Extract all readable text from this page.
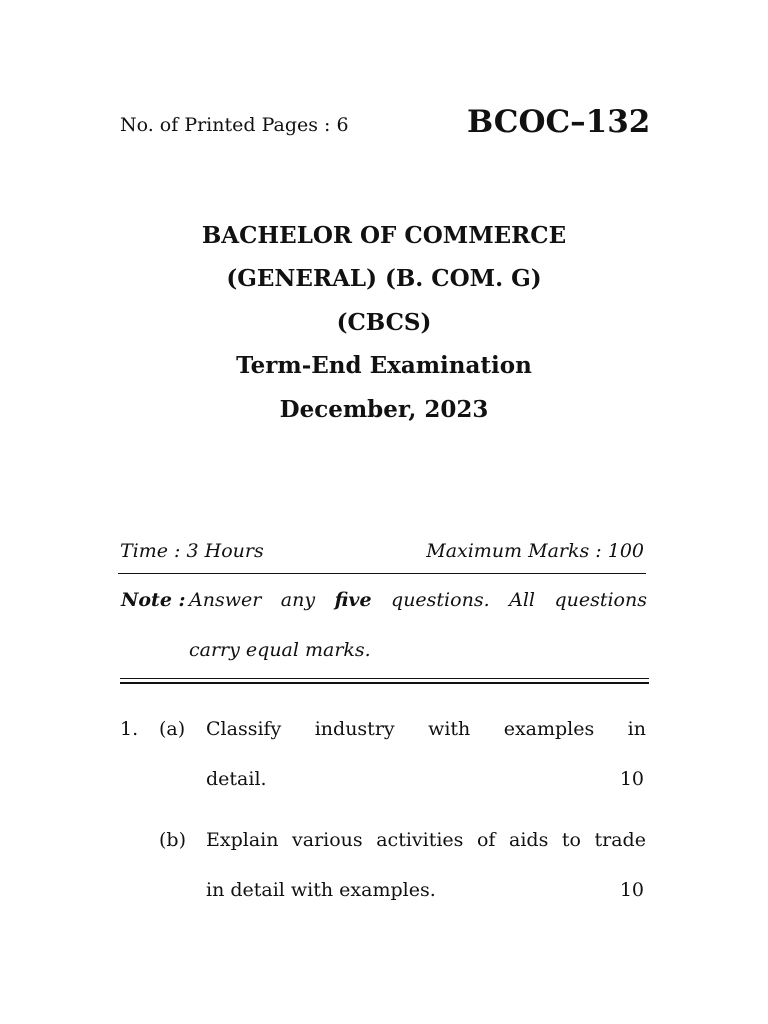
No. of Printed Pages : 6	BCOC–132
BACHELOR OF COMMERCE
(GENERAL) (B. COM. G)
(CBCS)
Term-End Examination
December, 2023
Time : 3 Hours	Maximum Marks : 100
Note : Answer any five questions. All questions
carry equal marks.
1. (a) Classify industry with examples in
detail.	10
(b) Explain various activities of aids to trade
in detail with examples.	10
